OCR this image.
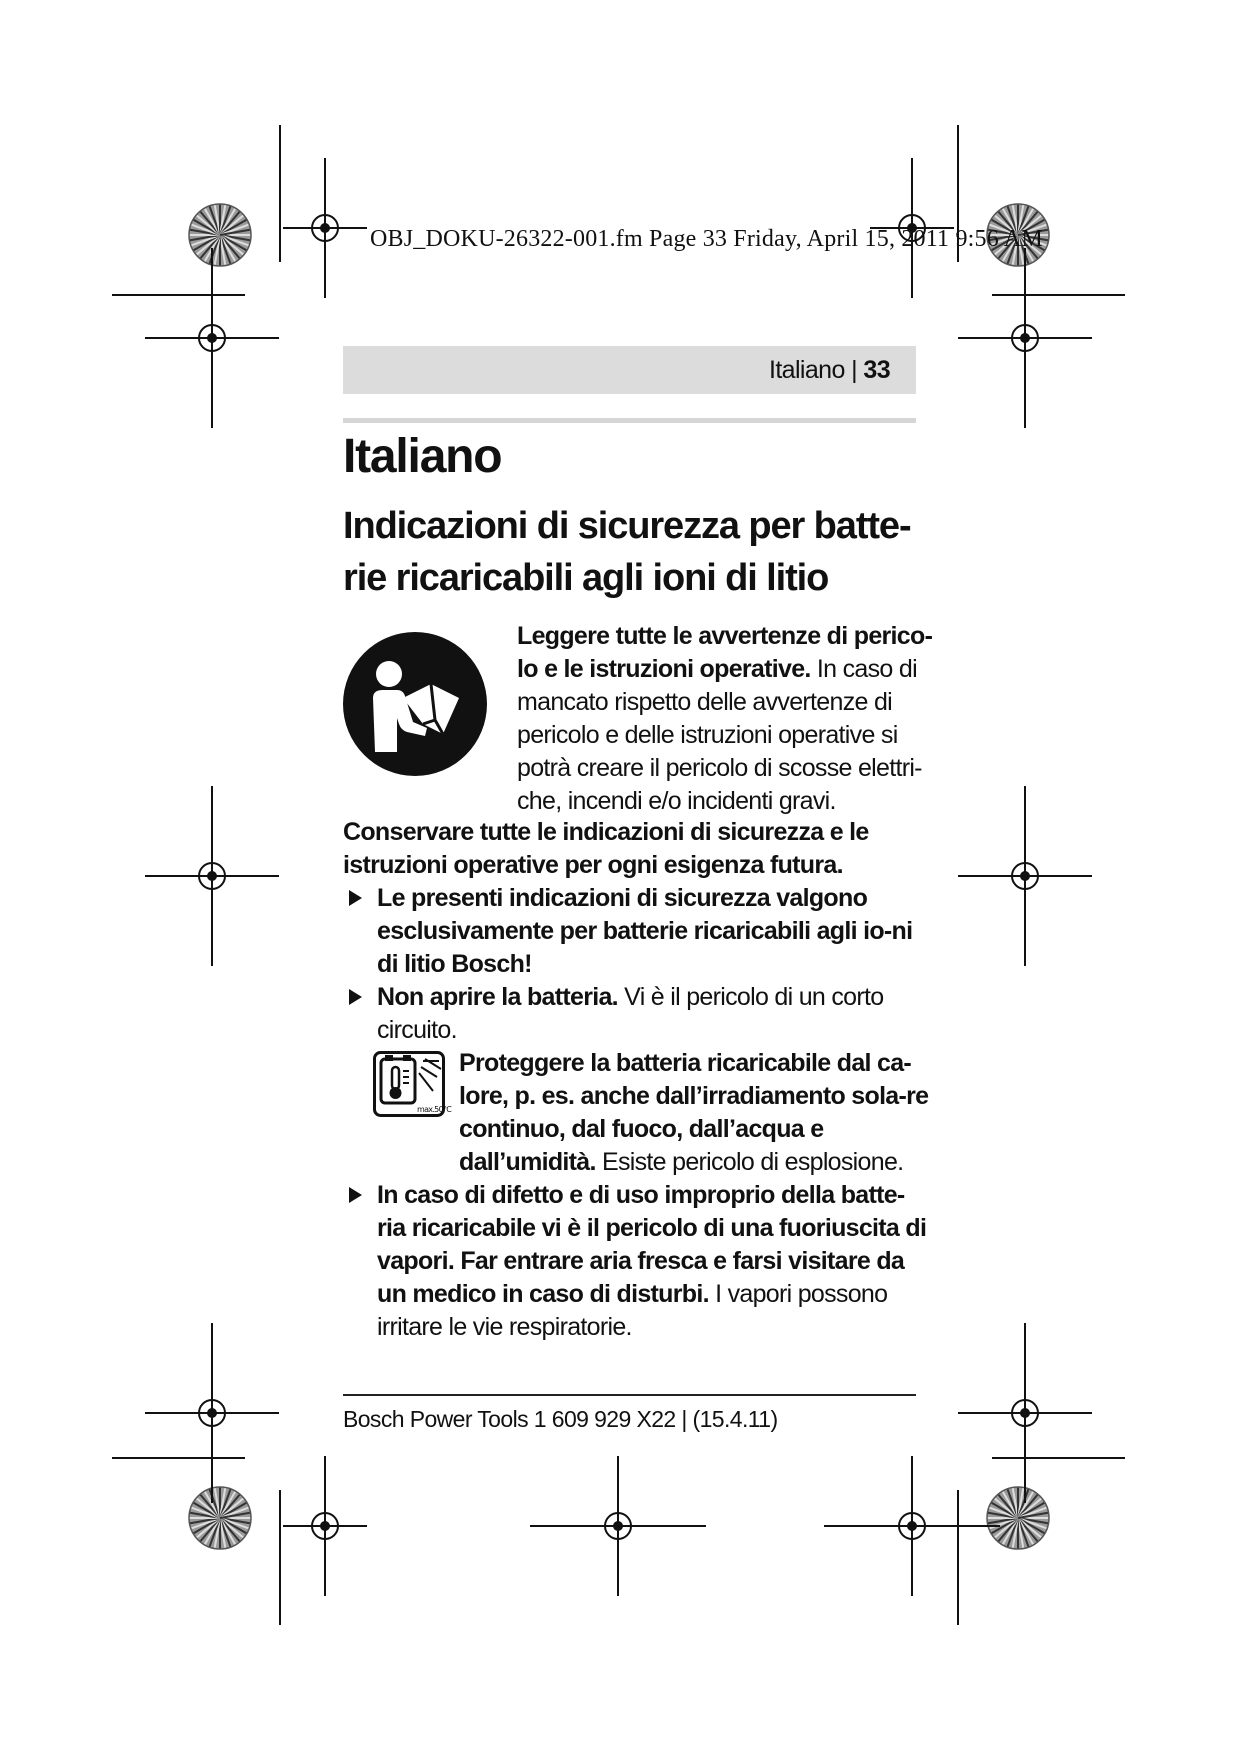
OBJ_DOKU-26322-001.fm Page 33 Friday, April 15, 2011 9:56 AM
Italiano | 33
Italiano
Indicazioni di sicurezza per batte-
rie ricaricabili agli ioni di litio
Leggere tutte le avvertenze di perico-lo e le istruzioni operative. In caso di mancato rispetto delle avvertenze di pericolo e delle istruzioni operative si potrà creare il pericolo di scosse elettri-che, incendi e/o incidenti gravi.

Conservare tutte le indicazioni di sicurezza e le istruzioni operative per ogni esigenza futura.

Le presenti indicazioni di sicurezza valgono esclusivamente per batterie ricaricabili agli io-ni di litio Bosch!
Non aprire la batteria. Vi è il pericolo di un corto circuito.
max.50°C
Proteggere la batteria ricaricabile dal ca-lore, p. es. anche dall’irradiamento sola-re continuo, dal fuoco, dall’acqua e dall’umidità. Esiste pericolo di esplosione.
In caso di difetto e di uso improprio della batte-ria ricaricabile vi è il pericolo di una fuoriuscita di vapori. Far entrare aria fresca e farsi visitare da un medico in caso di disturbi. I vapori possono irritare le vie respiratorie.
Bosch Power Tools 1 609 929 X22 | (15.4.11)
